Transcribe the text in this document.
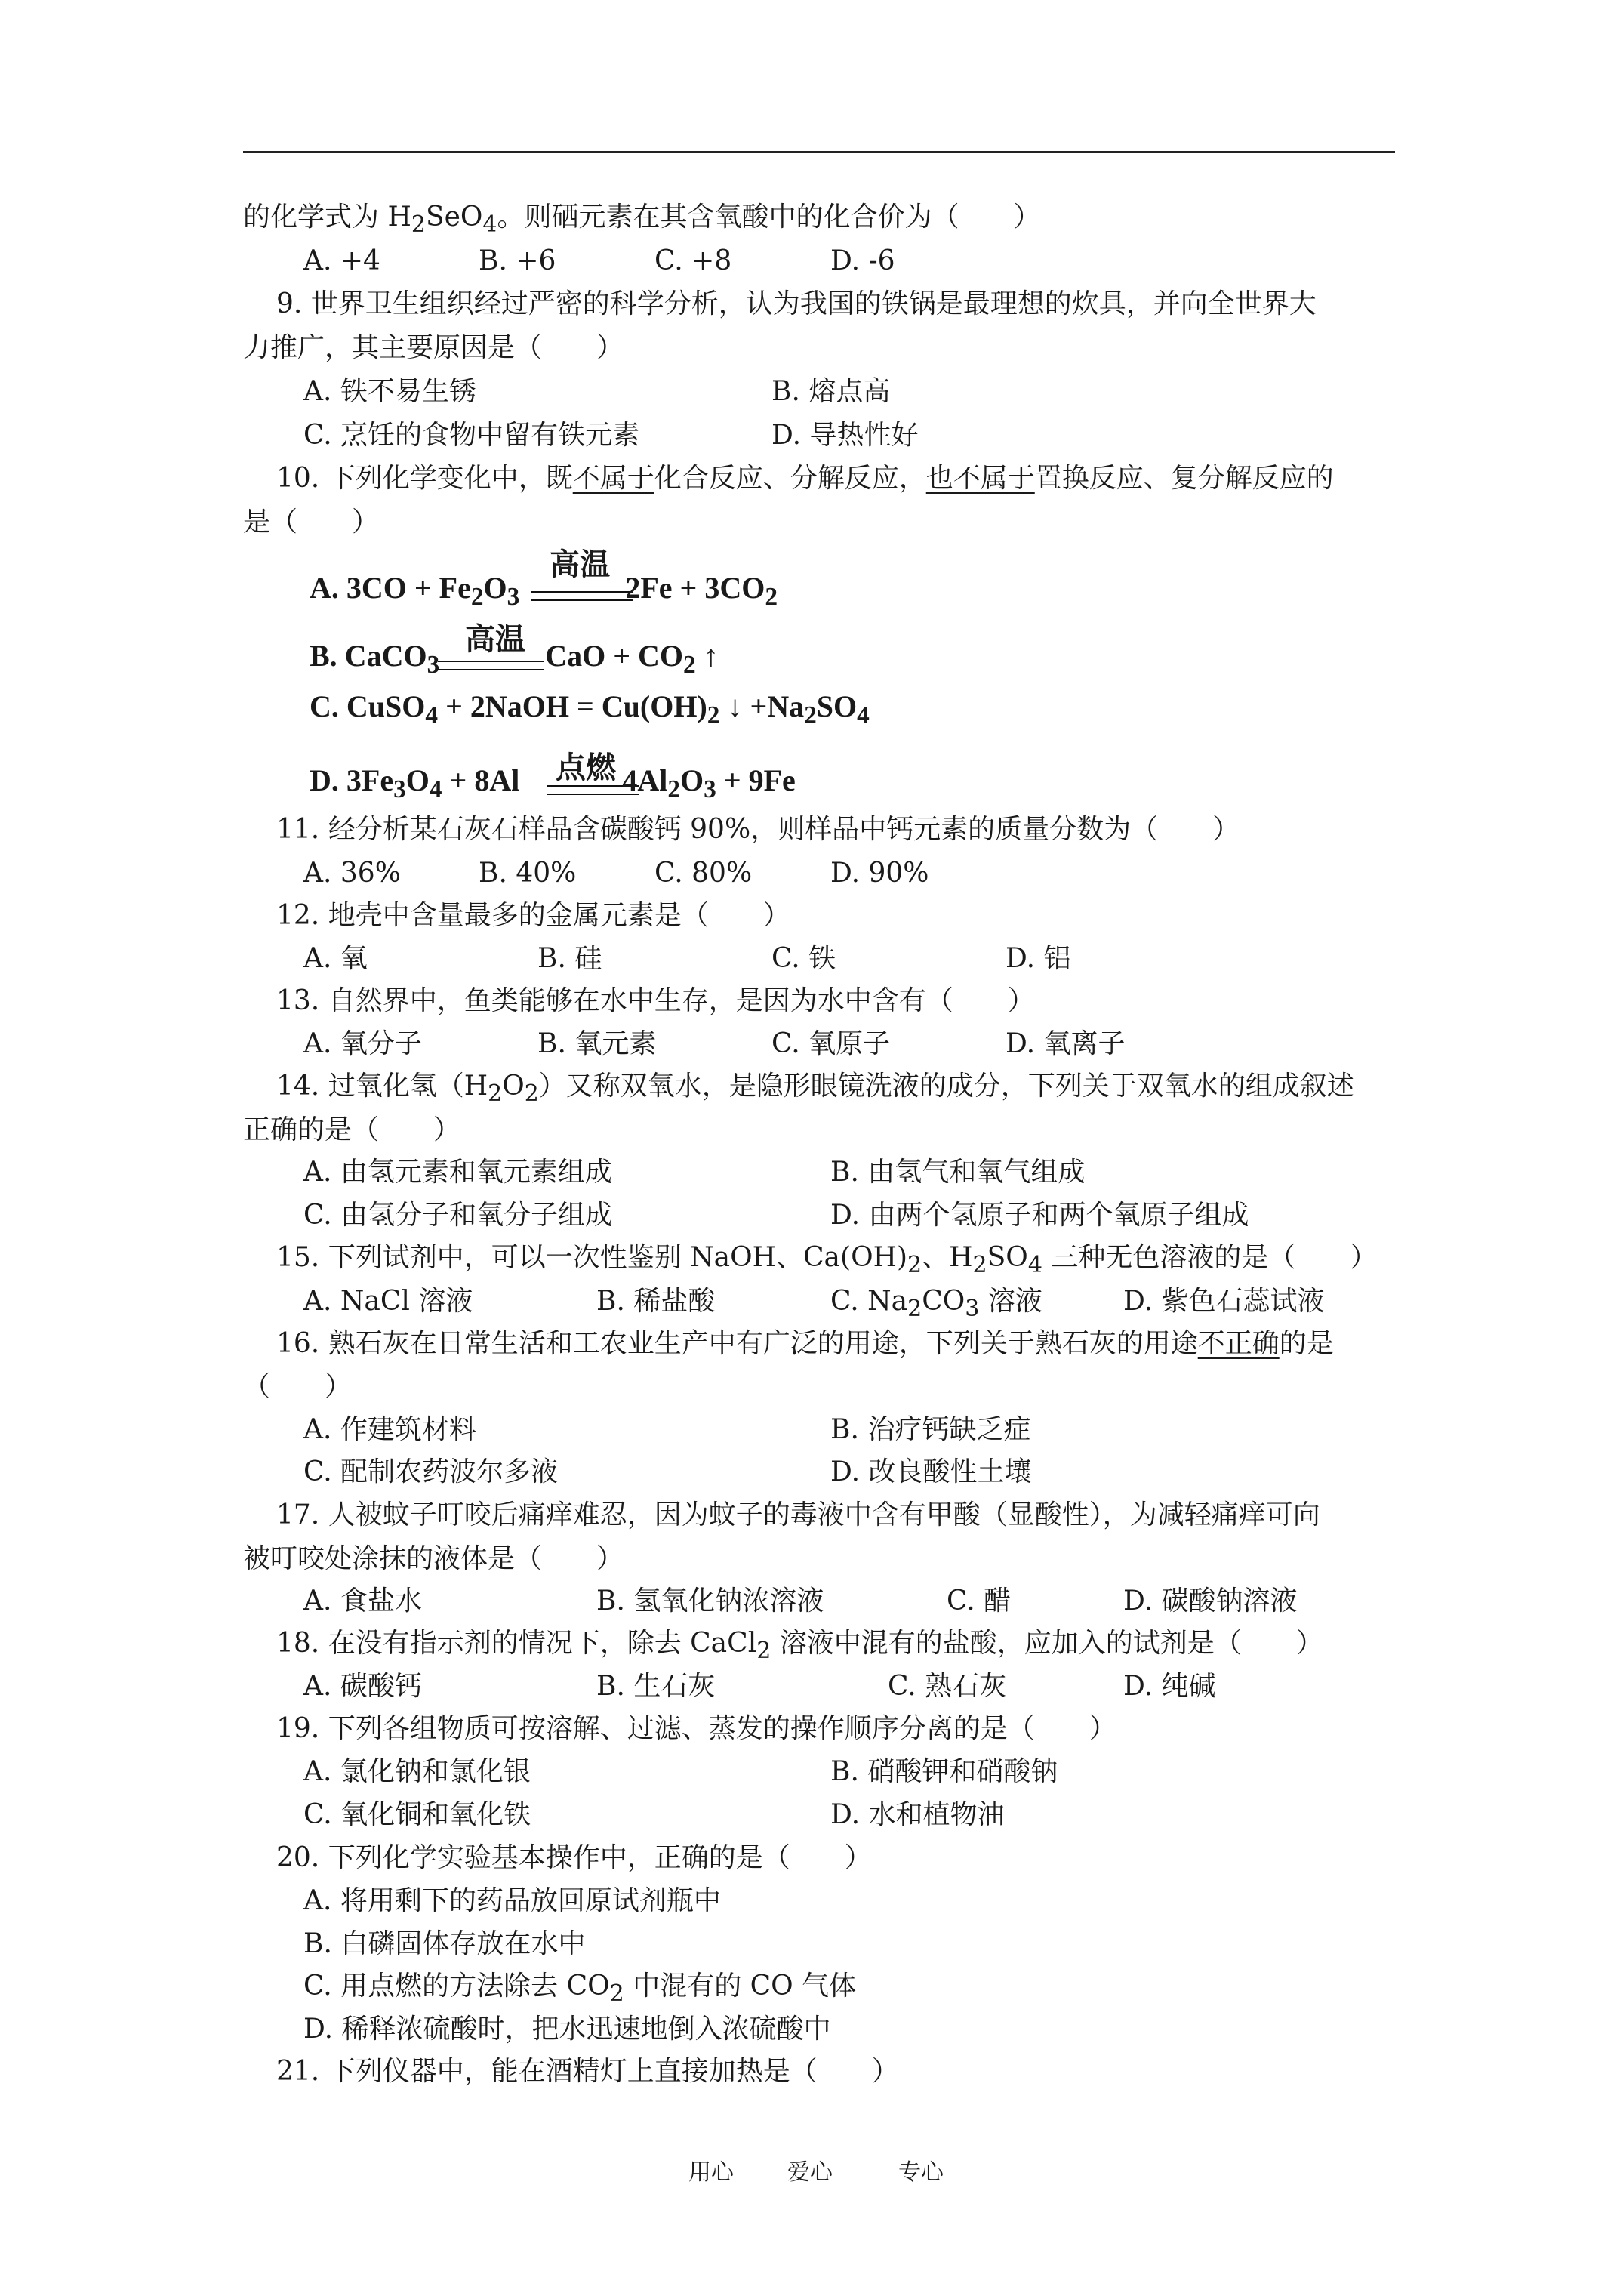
的化学式为 $H_2SeO_4$。则硒元素在其含氧酸中的化合价为（　　）
A. +4	B. +6	C. +8	D. -6
9. 世界卫生组织经过严密的科学分析，认为我国的铁锅是最理想的炊具，并向全世界大
力推广，其主要原因是（　　）
A. 铁不易生锈	B. 熔点高
C. 烹饪的食物中留有铁元素	D. 导热性好
10. 下列化学变化中，既不属于化合反应、分解反应，也不属于置换反应、复分解反应的
是（　　）
高温
A. $3CO + Fe_2O_3$	$2Fe + 3CO_2$
高温
B. CaCO$_3$	CaO + $CO_2$ ↑
C. CuSO$_4$ + 2NaOH = $Cu(OH)_2$ ↓ $+Na_2SO_4$
点燃
D. $3Fe_3O_4 + 8Al$	$4Al_2O_3 + 9Fe$
11. 经分析某石灰石样品含碳酸钙 90%，则样品中钙元素的质量分数为（　　）
A. 36%	B. 40%	C. 80%	D. 90%
12. 地壳中含量最多的金属元素是（　　）
A. 氧	B. 硅	C. 铁	D. 铝
13. 自然界中，鱼类能够在水中生存，是因为水中含有（　　）
A. 氧分子	B. 氧元素	C. 氧原子	D. 氧离子
14. 过氧化氢$(H_2O_2)$又称双氧水，是隐形眼镜洗液的成分，下列关于双氧水的组成叙述
正确的是（　　）
A. 由氢元素和氧元素组成	B. 由氢气和氧气组成
C. 由氢分子和氧分子组成	D. 由两个氢原子和两个氧原子组成
15. 下列试剂中，可以一次性鉴别 NaOH、$Ca(OH)_2$、$H_2SO_4$ 三种无色溶液的是（　　）
A. NaCl 溶液	B. 稀盐酸	C. $Na_2CO_3$ 溶液	D. 紫色石蕊试液
16. 熟石灰在日常生活和工农业生产中有广泛的用途，下列关于熟石灰的用途不正确的是
（　　）
A. 作建筑材料	B. 治疗钙缺乏症
C. 配制农药波尔多液	D. 改良酸性土壤
17. 人被蚊子叮咬后痛痒难忍，因为蚊子的毒液中含有甲酸（显酸性），为减轻痛痒可向
被叮咬处涂抹的液体是（　　）
A. 食盐水	B. 氢氧化钠浓溶液	C. 醋	D. 碳酸钠溶液
18. 在没有指示剂的情况下，除去 CaCl$_2$ 溶液中混有的盐酸，应加入的试剂是（　　）
A. 碳酸钙	B. 生石灰	C. 熟石灰	D. 纯碱
19. 下列各组物质可按溶解、过滤、蒸发的操作顺序分离的是（　　）
A. 氯化钠和氯化银	B. 硝酸钾和硝酸钠
C. 氧化铜和氧化铁	D. 水和植物油
20. 下列化学实验基本操作中，正确的是（　　）
A. 将用剩下的药品放回原试剂瓶中
B. 白磷固体存放在水中
C. 用点燃的方法除去 $CO_2$ 中混有的 CO 气体
D. 稀释浓硫酸时，把水迅速地倒入浓硫酸中
21. 下列仪器中，能在酒精灯上直接加热是（　　）
用心 爱心	专心
